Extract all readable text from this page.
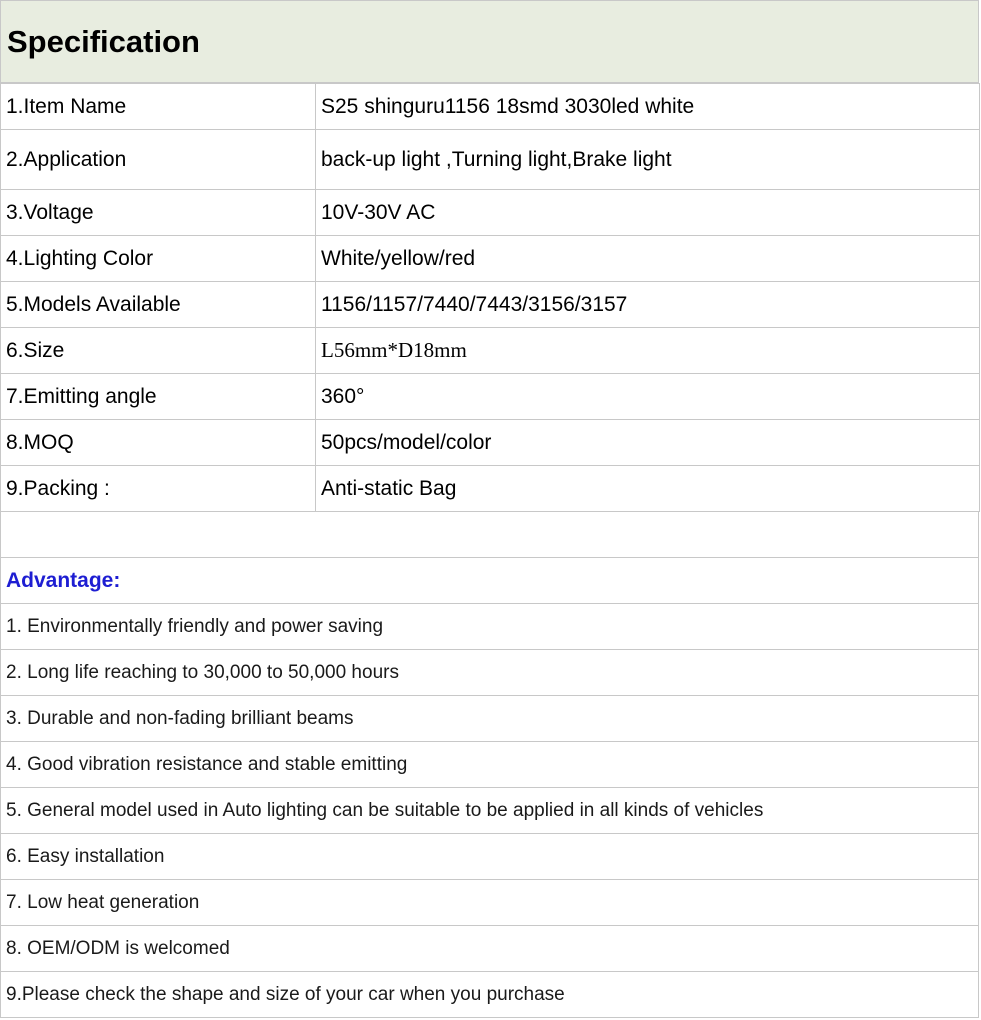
Specification
1.Item Name	S25 shinguru1156 18smd 3030led white
2.Application	back-up light ,Turning light,Brake light
3.Voltage	10V-30V AC
4.Lighting Color	White/yellow/red
5.Models Available	1156/1157/7440/7443/3156/3157
6.Size	L56mm*D18mm
7.Emitting angle	360°
8.MOQ	50pcs/model/color
9.Packing :	Anti-static Bag
Advantage:
1. Environmentally friendly and power saving
2. Long life reaching to 30,000 to 50,000 hours
3. Durable and non-fading brilliant beams
4. Good vibration resistance and stable emitting
5. General model used in Auto lighting can be suitable to be applied in all kinds of vehicles
6. Easy installation
7. Low heat generation
8. OEM/ODM is welcomed
9.Please check the shape and size of your car when you purchase
